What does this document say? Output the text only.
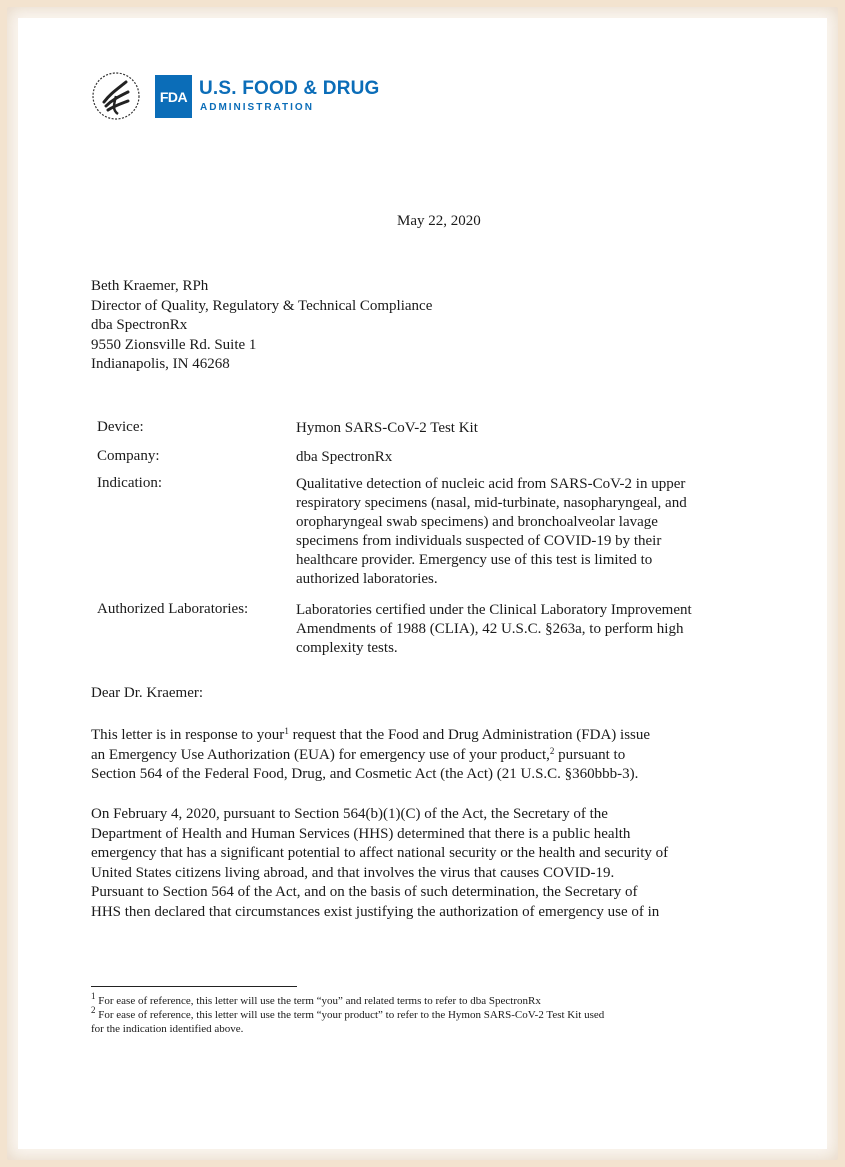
FDA U.S. FOOD & DRUG
ADMINISTRATION
May 22, 2020
Beth Kraemer, RPh
Director of Quality, Regulatory & Technical Compliance
dba SpectronRx
9550 Zionsville Rd. Suite 1
Indianapolis, IN 46268
Device:	Hymon SARS-CoV-2 Test Kit
Company:	dba SpectronRx
Indication:	Qualitative detection of nucleic acid from SARS-CoV-2 in upper
respiratory specimens (nasal, mid-turbinate, nasopharyngeal, and
oropharyngeal swab specimens) and bronchoalveolar lavage
specimens from individuals suspected of COVID-19 by their
healthcare provider. Emergency use of this test is limited to
authorized laboratories.
Authorized Laboratories:	Laboratories certified under the Clinical Laboratory Improvement
Amendments of 1988 (CLIA), 42 U.S.C. §263a, to perform high
complexity tests.
Dear Dr. Kraemer:
This letter is in response to your$^1$ request that the Food and Drug Administration (FDA) issue
an Emergency Use Authorization (EUA) for emergency use of your product,$^2$ pursuant to
Section 564 of the Federal Food, Drug, and Cosmetic Act (the Act) (21 U.S.C. §360bbb-3).
On February 4, 2020, pursuant to Section 564(b)(1)(C) of the Act, the Secretary of the
Department of Health and Human Services (HHS) determined that there is a public health
emergency that has a significant potential to affect national security or the health and security of
United States citizens living abroad, and that involves the virus that causes COVID-19.
Pursuant to Section 564 of the Act, and on the basis of such determination, the Secretary of
HHS then declared that circumstances exist justifying the authorization of emergency use of in
$^1$ For ease of reference, this letter will use the term “you” and related terms to refer to dba SpectronRx
$^2$ For ease of reference, this letter will use the term “your product” to refer to the Hymon SARS-CoV-2 Test Kit used
for the indication identified above.
